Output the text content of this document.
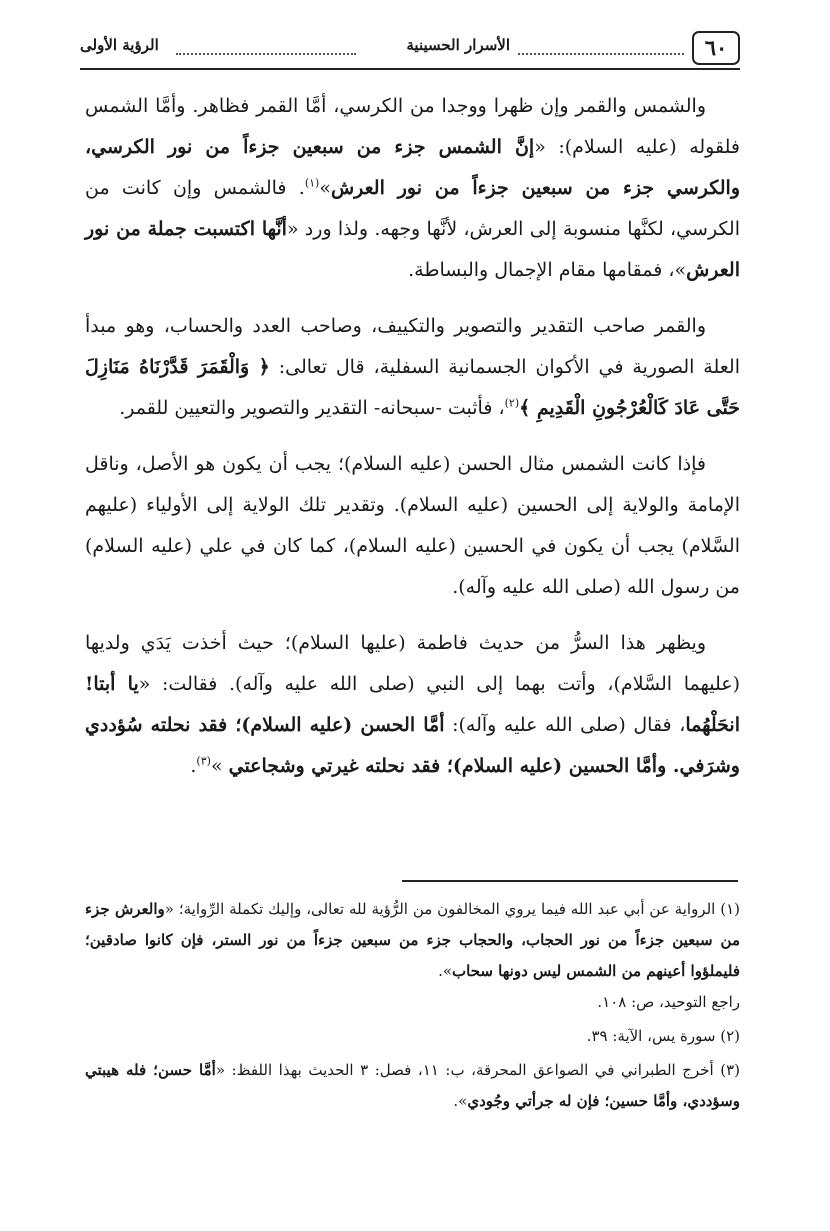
٦٠
الأسرار الحسينية
الرؤية الأولى

والشمس والقمر وإن ظهرا ووجدا من الكرسي، أمَّا القمر فظاهر. وأمَّا الشمس فلقوله (عليه السلام): «إنَّ الشمس جزء من سبعين جزءاً من نور الكرسي، والكرسي جزء من سبعين جزءاً من نور العرش»$^{(١)}$. فالشمس وإن كانت من الكرسي، لكنَّها منسوبة إلى العرش، لأنَّها وجهه. ولذا ورد «أنَّها اكتسبت جملة من نور العرش»، فمقامها مقام الإجمال والبساطة.

والقمر صاحب التقدير والتصوير والتكييف، وصاحب العدد والحساب، وهو مبدأ العلة الصورية في الأكوان الجسمانية السفلية، قال تعالى: ﴿ وَالْقَمَرَ قَدَّرْنَاهُ مَنَازِلَ حَتَّى عَادَ كَالْعُرْجُونِ الْقَدِيمِ ﴾$^{(٢)}$، فأثبت -سبحانه- التقدير والتصوير والتعيين للقمر.

فإذا كانت الشمس مثال الحسن (عليه السلام)؛ يجب أن يكون هو الأصل، وناقل الإمامة والولاية إلى الحسين (عليه السلام). وتقدير تلك الولاية إلى الأولياء (عليهم السَّلام) يجب أن يكون في الحسين (عليه السلام)، كما كان في علي (عليه السلام) من رسول الله (صلى الله عليه وآله).

ويظهر هذا السرُّ من حديث فاطمة (عليها السلام)؛ حيث أخذت يَدَي ولديها (عليهما السَّلام)، وأتت بهما إلى النبي (صلى الله عليه وآله). فقالت: «يا أبتا! انحَلْهُما، فقال (صلى الله عليه وآله): أمَّا الحسن (عليه السلام)؛ فقد نحلته سُؤددي وشرَفي. وأمَّا الحسين (عليه السلام)؛ فقد نحلته غيرتي وشجاعتي »$^{(٣)}$.

(١) الرواية عن أبي عبد الله فيما يروي المخالفون من الرُّؤية لله تعالى، وإليك تكملة الرِّواية؛ «والعرش جزء من سبعين جزءاً من نور الحجاب، والحجاب جزء من سبعين جزءاً من نور الستر، فإن كانوا صادقين؛ فليملؤوا أعينهم من الشمس ليس دونها سحاب».
راجع التوحيد، ص: ١٠٨.

(٢) سورة يس، الآية: ٣٩.

(٣) أخرج الطبراني في الصواعق المحرقة، ب: ١١، فصل: ٣ الحديث بهذا اللفظ: «أمَّا حسن؛ فله هيبتي وسؤددي، وأمَّا حسين؛ فإن له جرأتي وجُودي».
